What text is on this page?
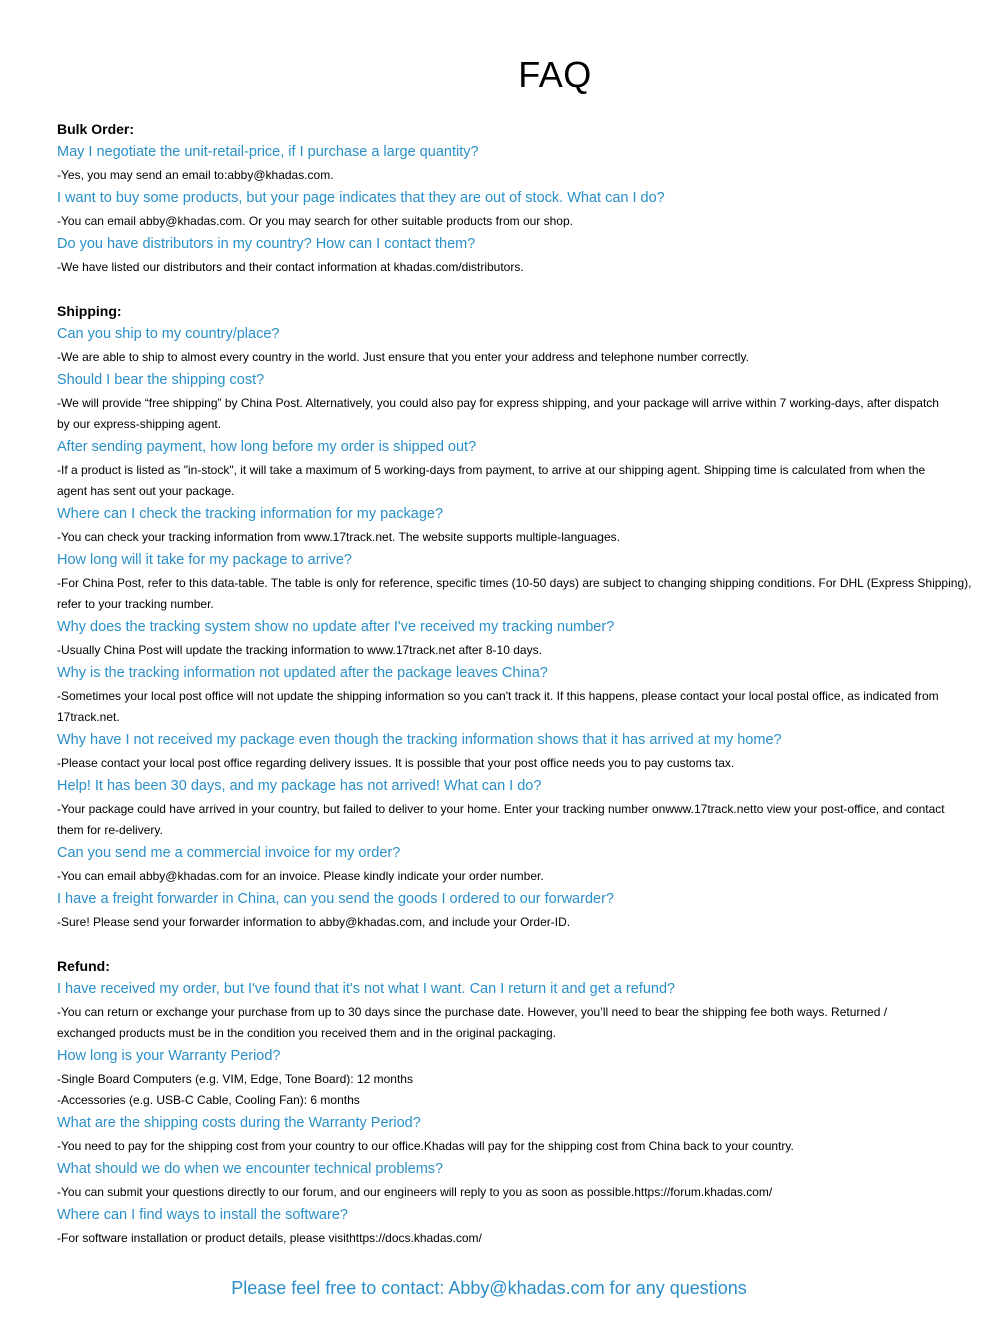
FAQ
Bulk Order:
May I negotiate the unit-retail-price, if I purchase a large quantity?
-Yes, you may send an email to:abby@khadas.com.
I want to buy some products, but your page indicates that they are out of stock. What can I do?
-You can email abby@khadas.com. Or you may search for other suitable products from our shop.
Do you have distributors in my country? How can I contact them?
-We have listed our distributors and their contact information at khadas.com/distributors.
Shipping:
Can you ship to my country/place?
-We are able to ship to almost every country in the world. Just ensure that you enter your address and telephone number correctly.
Should I bear the shipping cost?
-We will provide “free shipping” by China Post. Alternatively, you could also pay for express shipping, and your package will arrive within 7 working-days, after dispatch
by our express-shipping agent.
After sending payment, how long before my order is shipped out?
-If a product is listed as "in-stock", it will take a maximum of 5 working-days from payment, to arrive at our shipping agent. Shipping time is calculated from when the
agent has sent out your package.
Where can I check the tracking information for my package?
-You can check your tracking information from www.17track.net. The website supports multiple-languages.
How long will it take for my package to arrive?
-For China Post, refer to this data-table. The table is only for reference, specific times (10-50 days) are subject to changing shipping conditions. For DHL (Express Shipping),
refer to your tracking number.
Why does the tracking system show no update after I've received my tracking number?
-Usually China Post will update the tracking information to www.17track.net after 8-10 days.
Why is the tracking information not updated after the package leaves China?
-Sometimes your local post office will not update the shipping information so you can't track it. If this happens, please contact your local postal office, as indicated from
17track.net.
Why have I not received my package even though the tracking information shows that it has arrived at my home?
-Please contact your local post office regarding delivery issues. It is possible that your post office needs you to pay customs tax.
Help! It has been 30 days, and my package has not arrived! What can I do?
-Your package could have arrived in your country, but failed to deliver to your home. Enter your tracking number onwww.17track.netto view your post-office, and contact
them for re-delivery.
Can you send me a commercial invoice for my order?
-You can email abby@khadas.com for an invoice. Please kindly indicate your order number.
I have a freight forwarder in China, can you send the goods I ordered to our forwarder?
-Sure! Please send your forwarder information to abby@khadas.com, and include your Order-ID.
Refund:
I have received my order, but I've found that it's not what I want. Can I return it and get a refund?
-You can return or exchange your purchase from up to 30 days since the purchase date. However, you’ll need to bear the shipping fee both ways. Returned /
exchanged products must be in the condition you received them and in the original packaging.
How long is your Warranty Period?
-Single Board Computers (e.g. VIM, Edge, Tone Board): 12 months
-Accessories (e.g. USB-C Cable, Cooling Fan): 6 months
What are the shipping costs during the Warranty Period?
-You need to pay for the shipping cost from your country to our office.Khadas will pay for the shipping cost from China back to your country.
What should we do when we encounter technical problems?
-You can submit your questions directly to our forum, and our engineers will reply to you as soon as possible.https://forum.khadas.com/
Where can I find ways to install the software?
-For software installation or product details, please visithttps://docs.khadas.com/
Please feel free to contact: Abby@khadas.com for any questions
